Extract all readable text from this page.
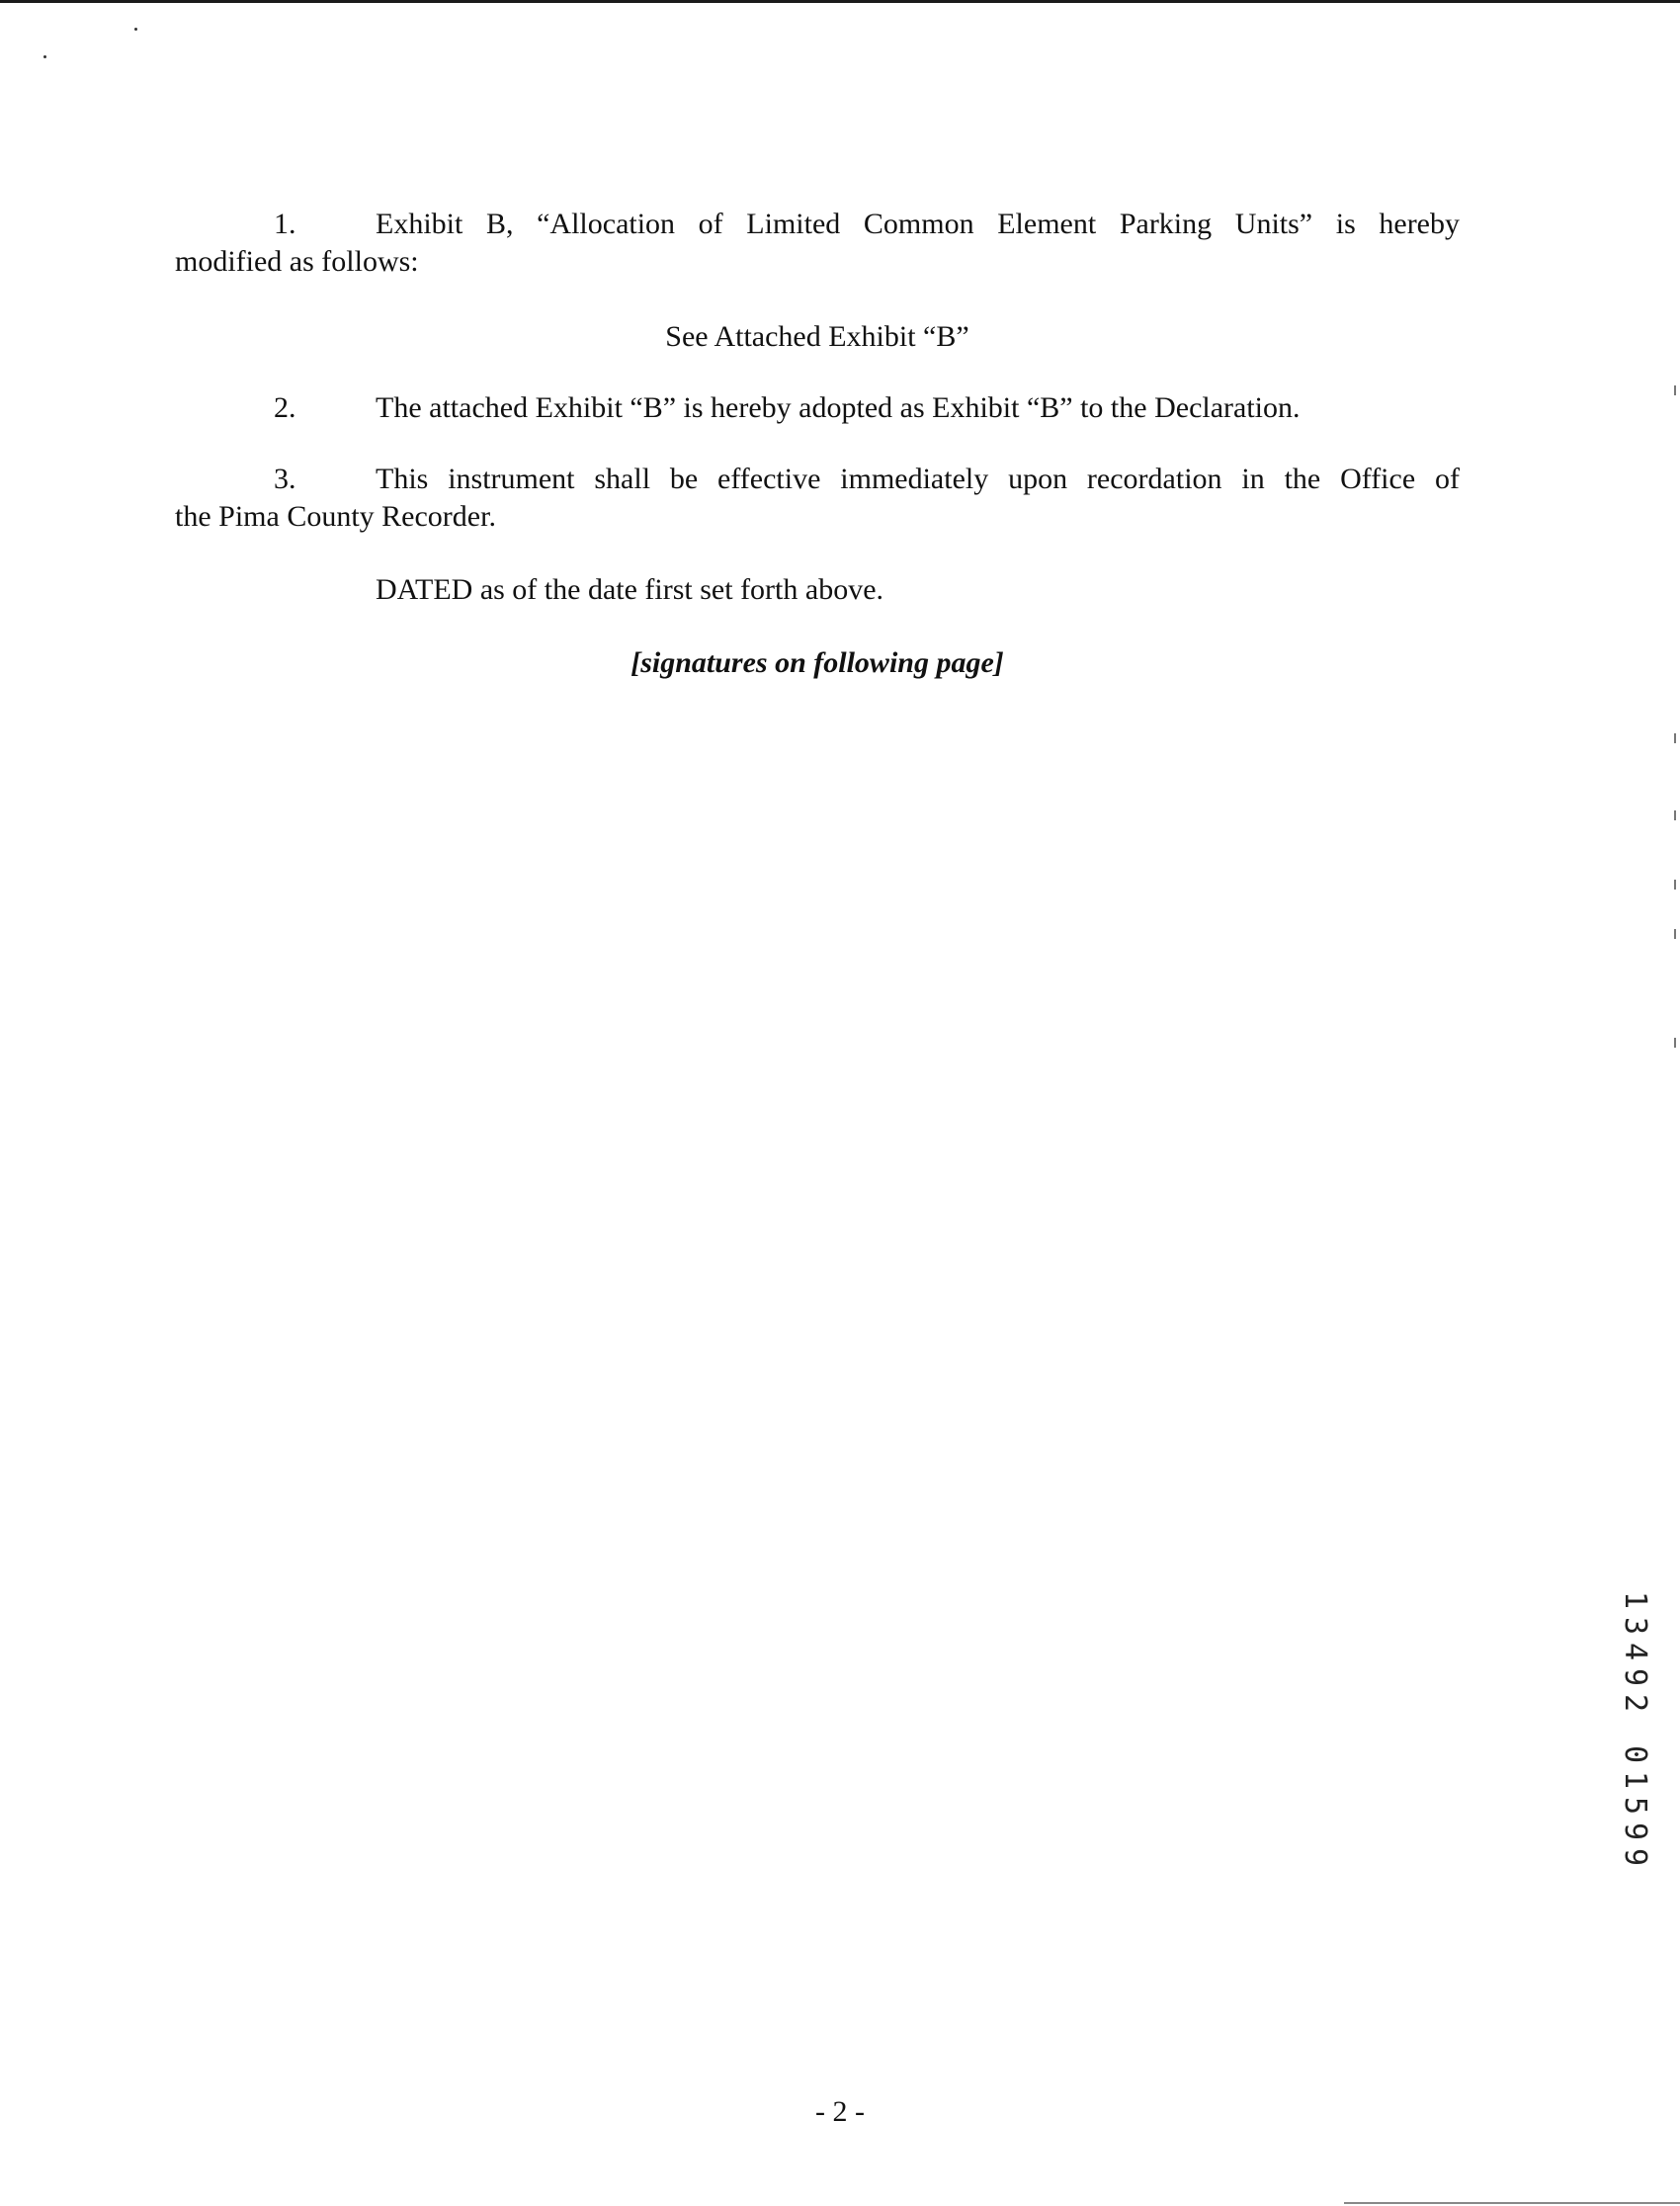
1.	Exhibit B, “Allocation of Limited Common Element Parking Units” is hereby
modified as follows:
See Attached Exhibit “B”
2.	The attached Exhibit “B” is hereby adopted as Exhibit “B” to the Declaration.
3.	This instrument shall be effective immediately upon recordation in the Office of
the Pima County Recorder.
DATED as of the date first set forth above.
[signatures on following page]
1
3
4
9
2

0
1
5
9
9
- 2 -
